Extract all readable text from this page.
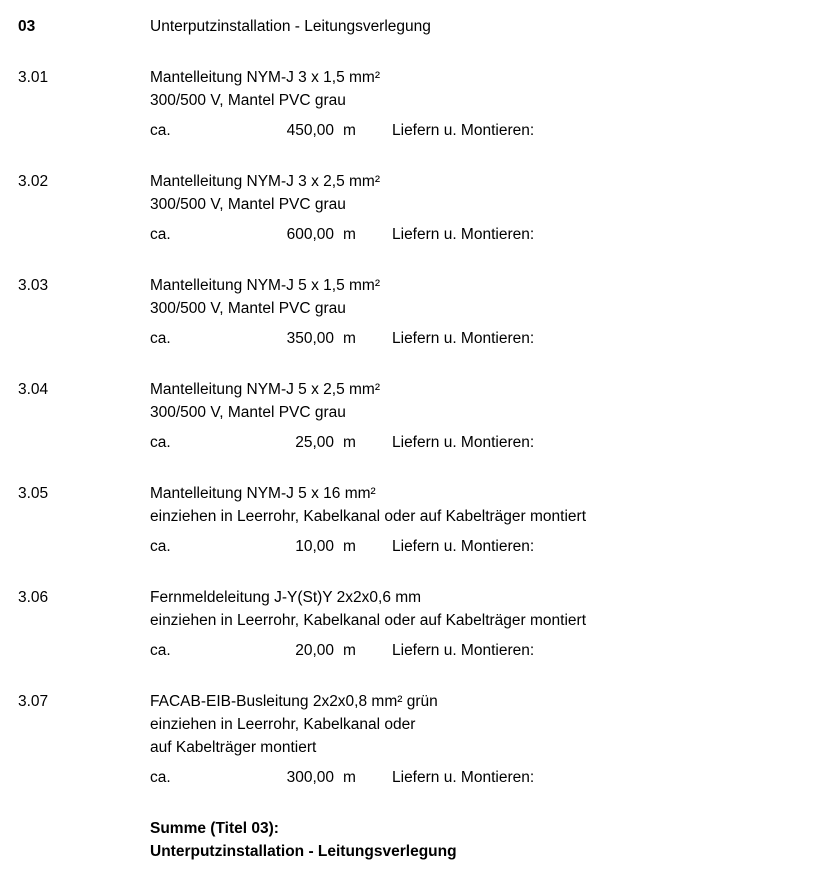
03	Unterputzinstallation - Leitungsverlegung
3.01	Mantelleitung NYM-J 3 x 1,5 mm²
300/500 V, Mantel PVC grau
ca.	450,00 m	Liefern u. Montieren:
3.02	Mantelleitung NYM-J 3 x 2,5 mm²
300/500 V, Mantel PVC grau
ca.	600,00 m	Liefern u. Montieren:
3.03	Mantelleitung NYM-J 5 x 1,5 mm²
300/500 V, Mantel PVC grau
ca.	350,00 m	Liefern u. Montieren:
3.04	Mantelleitung NYM-J 5 x 2,5 mm²
300/500 V, Mantel PVC grau
ca.	25,00 m	Liefern u. Montieren:
3.05	Mantelleitung NYM-J 5 x 16 mm²
einziehen in Leerrohr, Kabelkanal oder auf Kabelträger montiert
ca.	10,00 m	Liefern u. Montieren:
3.06	Fernmeldeleitung J-Y(St)Y 2x2x0,6 mm
einziehen in Leerrohr, Kabelkanal oder auf Kabelträger montiert
ca.	20,00 m	Liefern u. Montieren:
3.07	FACAB-EIB-Busleitung 2x2x0,8 mm² grün
einziehen in Leerrohr, Kabelkanal oder
auf Kabelträger montiert
ca.	300,00 m	Liefern u. Montieren:
Summe (Titel 03):
Unterputzinstallation - Leitungsverlegung
